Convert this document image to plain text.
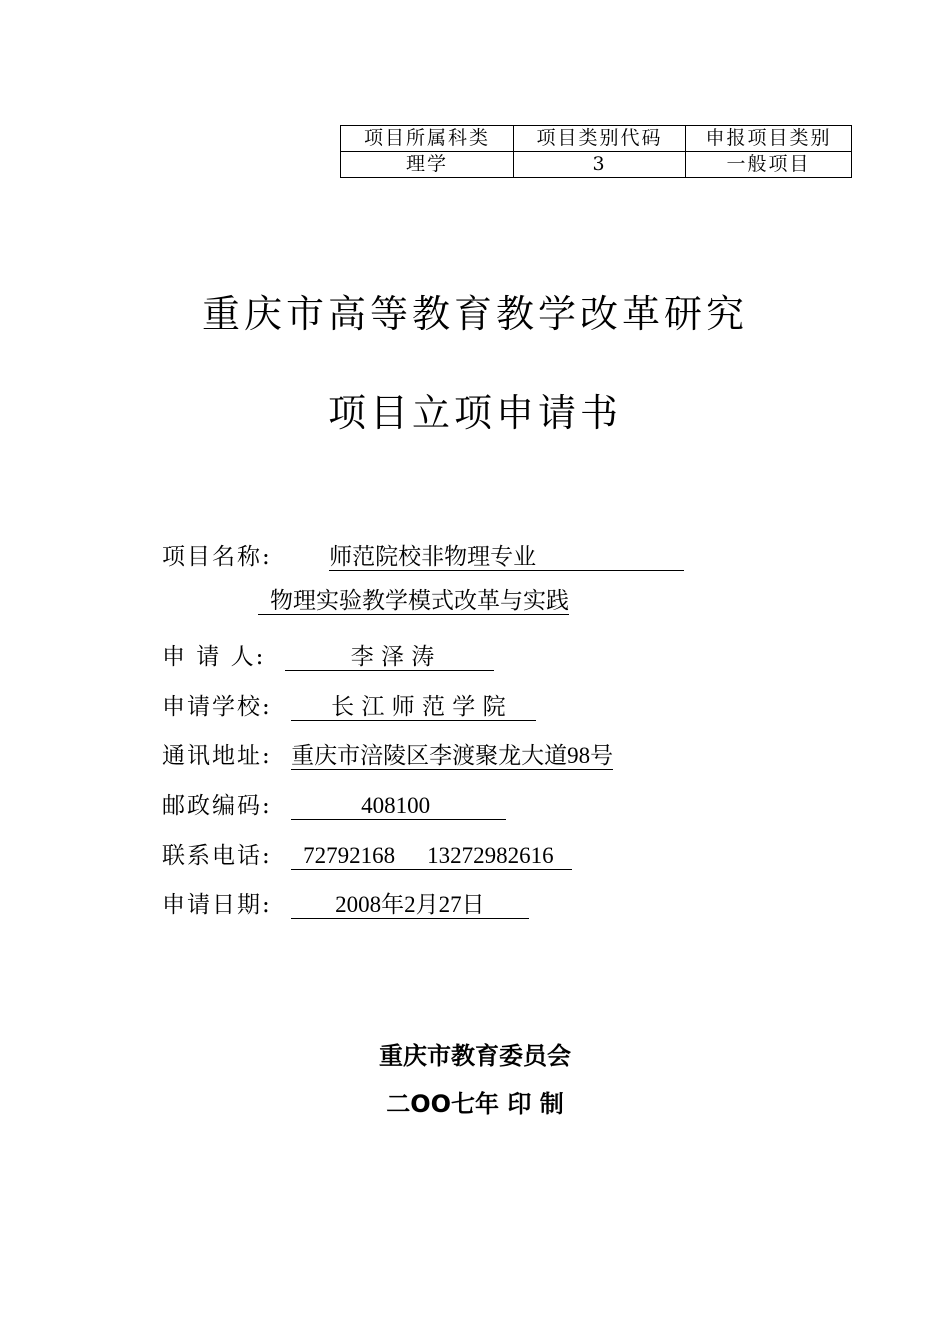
项目所属科类	项目类别代码	申报项目类别
理学	3	一般项目
重庆市高等教育教学改革研究
项目立项申请书
项目名称: 师范院校非物理专业
物理实验教学模式改革与实践
申 请 人:	李 泽 涛
申请学校:	长 江 师 范 学 院
通讯地址: 重庆市涪陵区李渡聚龙大道98号
邮政编码:	408100
联系电话: 72792168 13272982616
申请日期:	2008年2月27日
重庆市教育委员会
二OO七年 印 制
